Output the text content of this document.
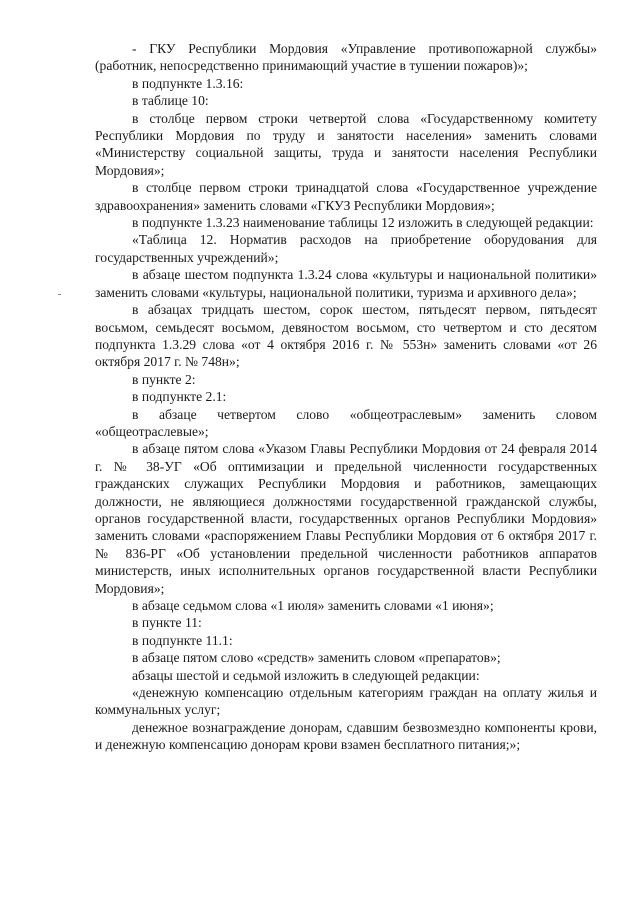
- ГКУ Республики Мордовия «Управление противопожарной службы» (работник, непосредственно принимающий участие в тушении пожаров)»;

в подпункте 1.3.16:

в таблице 10:

в столбце первом строки четвертой слова «Государственному комитету Республики Мордовия по труду и занятости населения» заменить словами «Министерству социальной защиты, труда и занятости населения Республики Мордовия»;

в столбце первом строки тринадцатой слова «Государственное учреждение здравоохранения» заменить словами «ГКУЗ Республики Мордовия»;

в подпункте 1.3.23 наименование таблицы 12 изложить в следующей редакции:

«Таблица 12. Норматив расходов на приобретение оборудования для государственных учреждений»;

в абзаце шестом подпункта 1.3.24 слова «культуры и национальной политики» заменить словами «культуры, национальной политики, туризма и архивного дела»;

в абзацах тридцать шестом, сорок шестом, пятьдесят первом, пятьдесят восьмом, семьдесят восьмом, девяностом восьмом, сто четвертом и сто десятом подпункта 1.3.29 слова «от 4 октября 2016 г. № 553н» заменить словами «от 26 октября 2017 г. № 748н»;

в пункте 2:

в подпункте 2.1:

в абзаце четвертом слово «общеотраслевым» заменить словом «общеотраслевые»;

в абзаце пятом слова «Указом Главы Республики Мордовия от 24 февраля 2014 г. № 38-УГ «Об оптимизации и предельной численности государственных гражданских служащих Республики Мордовия и работников, замещающих должности, не являющиеся должностями государственной гражданской службы, органов государственной власти, государственных органов Республики Мордовия» заменить словами «распоряжением Главы Республики Мордовия от 6 октября 2017 г. № 836-РГ «Об установлении предельной численности работников аппаратов министерств, иных исполнительных органов государственной власти Республики Мордовия»;

в абзаце седьмом слова «1 июля» заменить словами «1 июня»;

в пункте 11:

в подпункте 11.1:

в абзаце пятом слово «средств» заменить словом «препаратов»;

абзацы шестой и седьмой изложить в следующей редакции:

«денежную компенсацию отдельным категориям граждан на оплату жилья и коммунальных услуг;

денежное вознаграждение донорам, сдавшим безвозмездно компоненты крови, и денежную компенсацию донорам крови взамен бесплатного питания;»;
